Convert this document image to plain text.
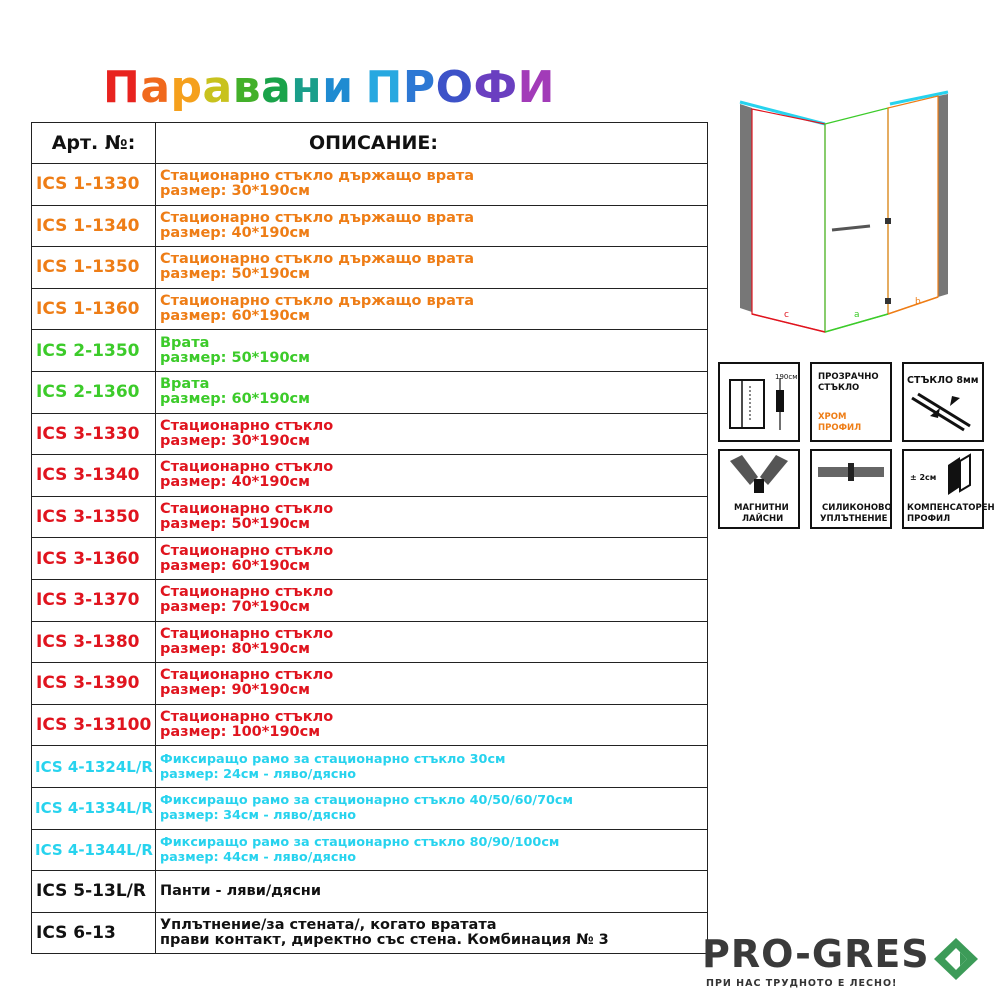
Паравани ПРОФИ
Арт. №:	ОПИСАНИЕ:
ICS 1-1330	Стационарно стъкло държащо врата
размер: 30*190см

ICS 1-1340	Стационарно стъкло държащо врата
размер: 40*190см

ICS 1-1350	Стационарно стъкло държащо врата
размер: 50*190см

ICS 1-1360	Стационарно стъкло държащо врата
размер: 60*190см

ICS 2-1350	Врата
размер: 50*190см

ICS 2-1360	Врата
размер: 60*190см

ICS 3-1330	Стационарно стъкло
размер: 30*190см

ICS 3-1340	Стационарно стъкло
размер: 40*190см

ICS 3-1350	Стационарно стъкло
размер: 50*190см

ICS 3-1360	Стационарно стъкло
размер: 60*190см

ICS 3-1370	Стационарно стъкло
размер: 70*190см

ICS 3-1380	Стационарно стъкло
размер: 80*190см

ICS 3-1390	Стационарно стъкло
размер: 90*190см

ICS 3-13100	Стационарно стъкло
размер: 100*190см

ICS 4-1324L/R	Фиксиращо рамо за стационарно стъкло 30см
размер: 24см - ляво/дясно

ICS 4-1334L/R	Фиксиращо рамо за стационарно стъкло 40/50/60/70см
размер: 34см - ляво/дясно

ICS 4-1344L/R	Фиксиращо рамо за стационарно стъкло 80/90/100см
размер: 44см - ляво/дясно

ICS 5-13L/R	Панти - ляви/дясни

ICS 6-13	Уплътнение/за стената/, когато вратата
прави контакт, директно със стена. Комбинация № 3
c	a
b
190см ПРОЗРАЧНО
СТЪКЛО
ХРОМ
ПРОФИЛ
СТЪКЛО 8мм
МАГНИТНИ
ЛАЙСНИ
СИЛИКОНОВО
УПЛЪТНЕНИЕ
± 2см
КОМПЕНСАТОРЕН
ПРОФИЛ
PRO-GRES
ПРИ НАС ТРУДНОТО Е ЛЕСНО!
